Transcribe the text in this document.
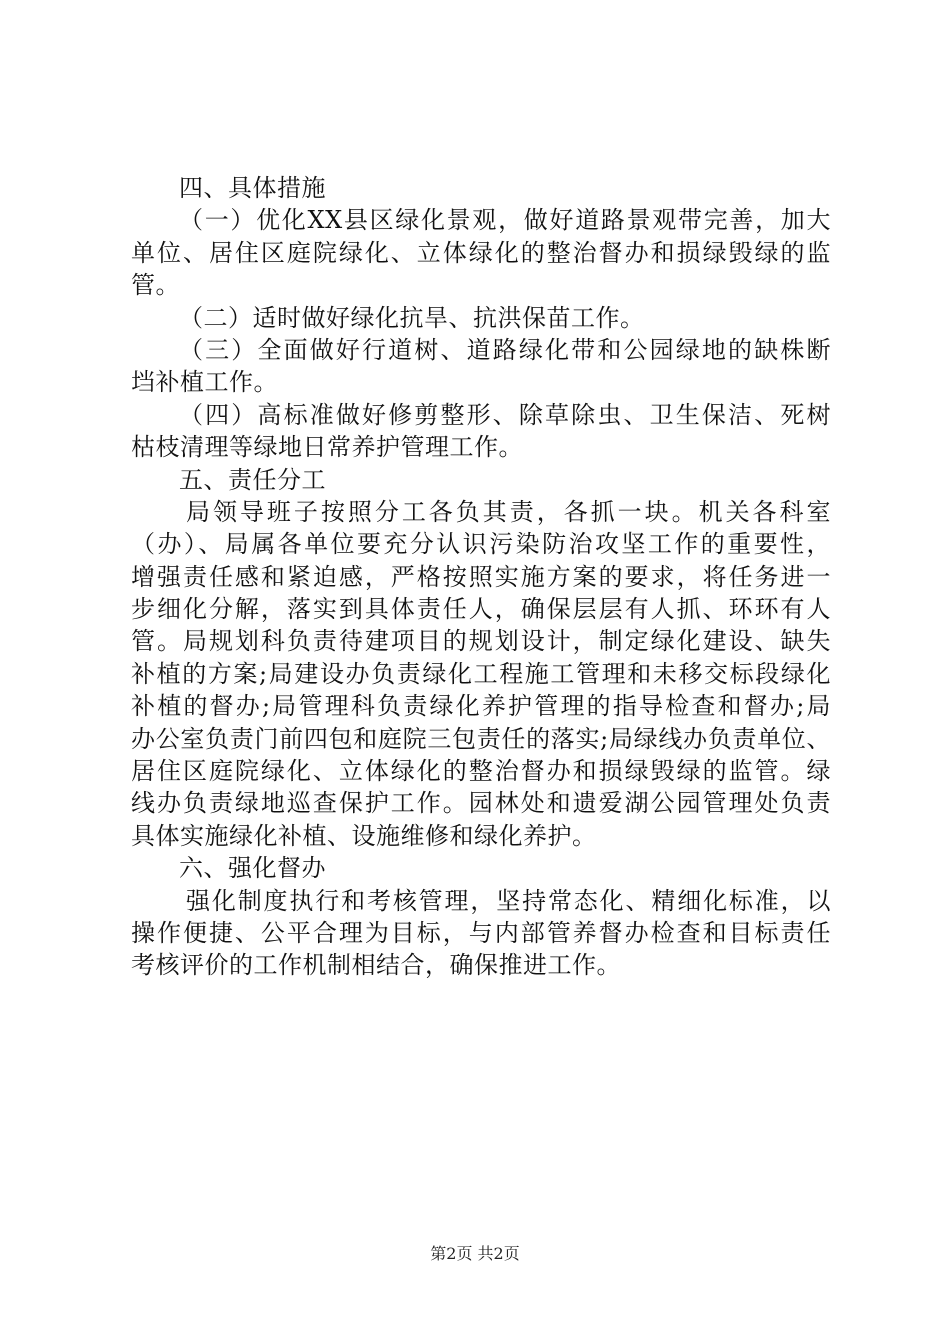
四、具体措施
（一）优化XX县区绿化景观，做好道路景观带完善，加大
单位、居住区庭院绿化、立体绿化的整治督办和损绿毁绿的监
管。
（二）适时做好绿化抗旱、抗洪保苗工作。
（三）全面做好行道树、道路绿化带和公园绿地的缺株断
垱补植工作。
（四）高标准做好修剪整形、除草除虫、卫生保洁、死树
枯枝清理等绿地日常养护管理工作。
五、责任分工
局领导班子按照分工各负其责，各抓一块。机关各科室
（办）、局属各单位要充分认识污染防治攻坚工作的重要性，
增强责任感和紧迫感，严格按照实施方案的要求，将任务进一
步细化分解，落实到具体责任人，确保层层有人抓、环环有人
管。局规划科负责待建项目的规划设计，制定绿化建设、缺失
补植的方案;局建设办负责绿化工程施工管理和未移交标段绿化
补植的督办;局管理科负责绿化养护管理的指导检查和督办;局
办公室负责门前四包和庭院三包责任的落实;局绿线办负责单位、
居住区庭院绿化、立体绿化的整治督办和损绿毁绿的监管。绿
线办负责绿地巡查保护工作。园林处和遗爱湖公园管理处负责
具体实施绿化补植、设施维修和绿化养护。
六、强化督办
强化制度执行和考核管理，坚持常态化、精细化标准，以
操作便捷、公平合理为目标，与内部管养督办检查和目标责任
考核评价的工作机制相结合，确保推进工作。
第2页 共2页
